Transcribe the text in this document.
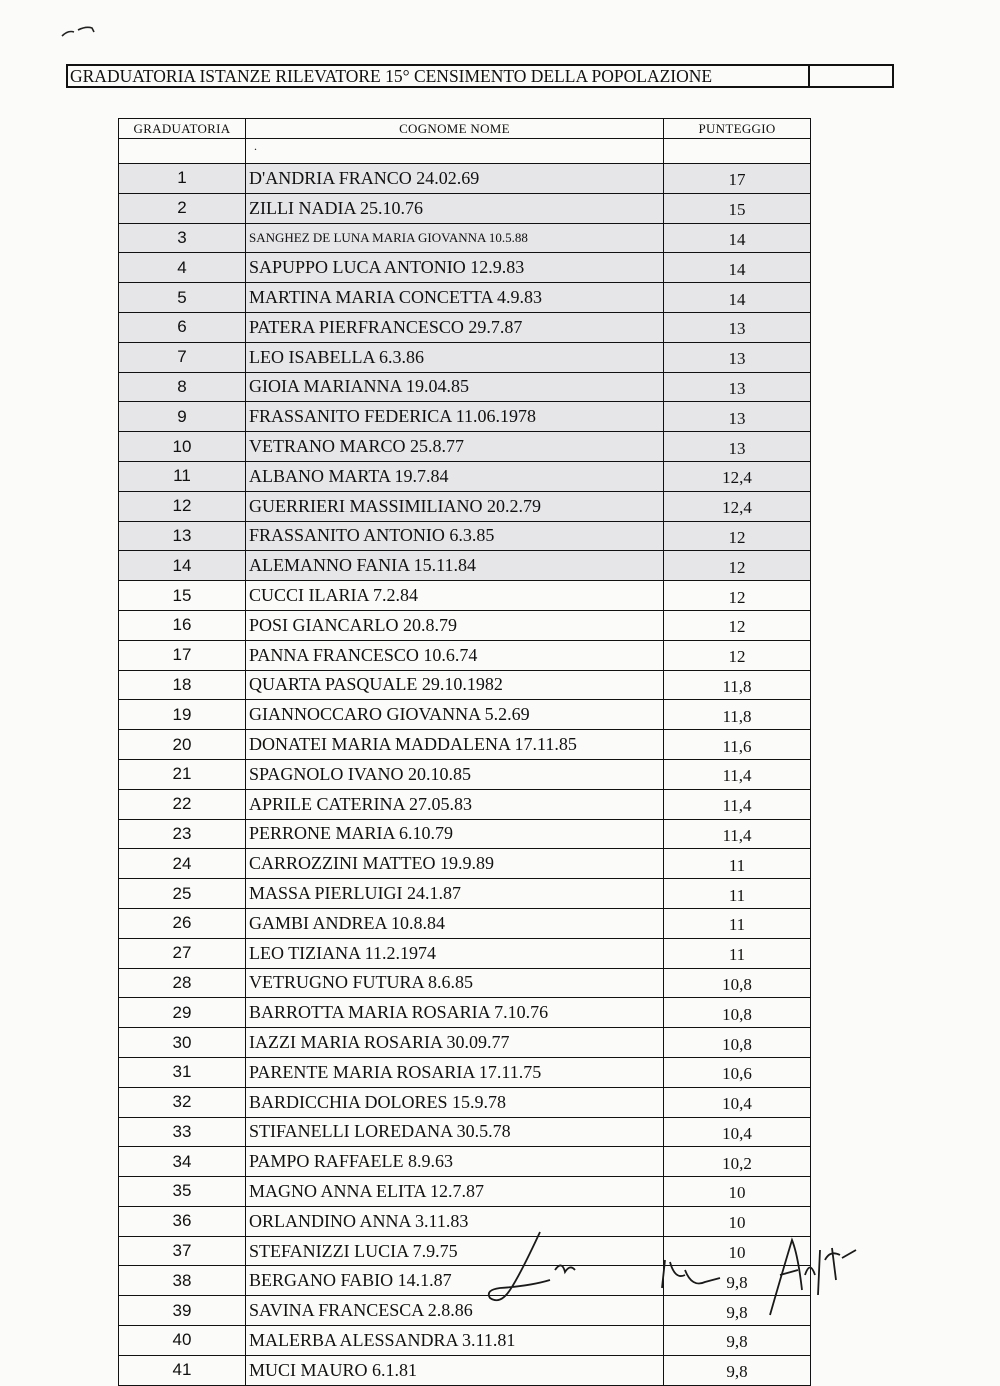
GRADUATORIA ISTANZE RILEVATORE 15° CENSIMENTO DELLA POPOLAZIONE
GRADUATORIA	COGNOME NOME	PUNTEGGIO
	.	
1	D'ANDRIA FRANCO 24.02.69	17
2	ZILLI NADIA 25.10.76	15
3	SANGHEZ DE LUNA MARIA GIOVANNA 10.5.88	14
4	SAPUPPO LUCA ANTONIO 12.9.83	14
5	MARTINA MARIA CONCETTA 4.9.83	14
6	PATERA PIERFRANCESCO 29.7.87	13
7	LEO ISABELLA 6.3.86	13
8	GIOIA MARIANNA 19.04.85	13
9	FRASSANITO FEDERICA 11.06.1978	13
10	VETRANO MARCO 25.8.77	13
11	ALBANO MARTA 19.7.84	12,4
12	GUERRIERI MASSIMILIANO 20.2.79	12,4
13	FRASSANITO ANTONIO 6.3.85	12
14	ALEMANNO FANIA 15.11.84	12
15	CUCCI ILARIA 7.2.84	12
16	POSI GIANCARLO 20.8.79	12
17	PANNA FRANCESCO 10.6.74	12
18	QUARTA PASQUALE 29.10.1982	11,8
19	GIANNOCCARO GIOVANNA 5.2.69	11,8
20	DONATEI MARIA MADDALENA 17.11.85	11,6
21	SPAGNOLO IVANO 20.10.85	11,4
22	APRILE CATERINA 27.05.83	11,4
23	PERRONE MARIA 6.10.79	11,4
24	CARROZZINI MATTEO 19.9.89	11
25	MASSA PIERLUIGI 24.1.87	11
26	GAMBI ANDREA 10.8.84	11
27	LEO TIZIANA 11.2.1974	11
28	VETRUGNO FUTURA 8.6.85	10,8
29	BARROTTA MARIA ROSARIA 7.10.76	10,8
30	IAZZI MARIA ROSARIA 30.09.77	10,8
31	PARENTE MARIA ROSARIA 17.11.75	10,6
32	BARDICCHIA DOLORES 15.9.78	10,4
33	STIFANELLI LOREDANA 30.5.78	10,4
34	PAMPO RAFFAELE 8.9.63	10,2
35	MAGNO ANNA ELITA 12.7.87	10
36	ORLANDINO ANNA 3.11.83	10
37	STEFANIZZI LUCIA 7.9.75	10
38	BERGANO FABIO 14.1.87	9,8
39	SAVINA FRANCESCA 2.8.86	9,8
40	MALERBA ALESSANDRA 3.11.81	9,8
41	MUCI MAURO 6.1.81	9,8
